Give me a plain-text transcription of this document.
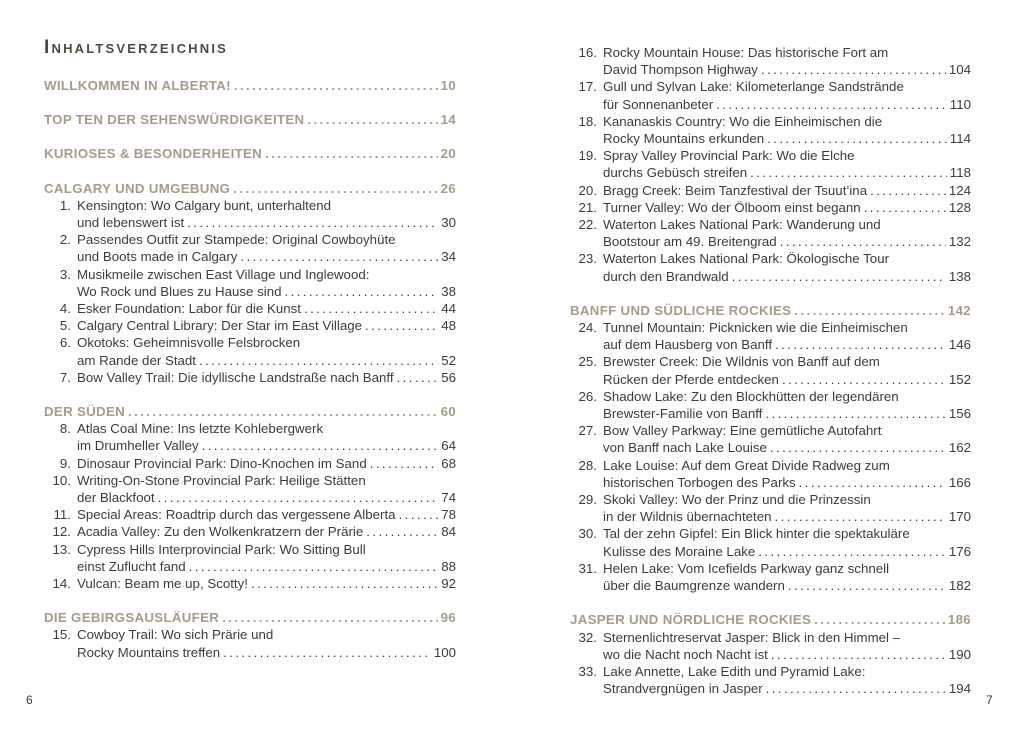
Inhaltsverzeichnis
WILLKOMMEN IN ALBERTA! .....	10
TOP TEN DER SEHENSWÜRDIGKEITEN .....	14
KURIOSES & BESONDERHEITEN .....	20
CALGARY UND UMGEBUNG .....	26
1. Kensington: Wo Calgary bunt, unterhaltend
und lebenswert ist .....	30
2. Passendes Outfit zur Stampede: Original Cowboyhüte
und Boots made in Calgary .....	34
3. Musikmeile zwischen East Village und Inglewood:
Wo Rock und Blues zu Hause sind .....	38
4. Esker Foundation: Labor für die Kunst .....	44
5. Calgary Central Library: Der Star im East Village .....	48
6. Okotoks: Geheimnisvolle Felsbrocken
am Rande der Stadt .....	52
7. Bow Valley Trail: Die idyllische Landstraße nach Banff .....	56
DER SÜDEN .....	60
8. Atlas Coal Mine: Ins letzte Kohlebergwerk
im Drumheller Valley .....	64
9. Dinosaur Provincial Park: Dino-Knochen im Sand .....	68
10. Writing-On-Stone Provincial Park: Heilige Stätten
der Blackfoot .....	74
11. Special Areas: Roadtrip durch das vergessene Alberta .....	78
12. Acadia Valley: Zu den Wolkenkratzern der Prärie .....	84
13. Cypress Hills Interprovincial Park: Wo Sitting Bull
einst Zuflucht fand .....	88
14. Vulcan: Beam me up, Scotty! .....	92
DIE GEBIRGSAUSLÄUFER .....	96
15. Cowboy Trail: Wo sich Prärie und
Rocky Mountains treffen .....	100
16. Rocky Mountain House: Das historische Fort am
David Thompson Highway .....	104
17. Gull und Sylvan Lake: Kilometerlange Sandstrände
für Sonnenanbeter .....	110
18. Kananaskis Country: Wo die Einheimischen die
Rocky Mountains erkunden .....	114
19. Spray Valley Provincial Park: Wo die Elche
durchs Gebüsch streifen .....	118
20. Bragg Creek: Beim Tanzfestival der Tsuut’ina .....	124
21. Turner Valley: Wo der Ölboom einst begann .....	128
22. Waterton Lakes National Park: Wanderung und
Bootstour am 49. Breitengrad .....	132
23. Waterton Lakes National Park: Ökologische Tour
durch den Brandwald .....	138
BANFF UND SÜDLICHE ROCKIES .....	142
24. Tunnel Mountain: Picknicken wie die Einheimischen
auf dem Hausberg von Banff .....	146
25. Brewster Creek: Die Wildnis von Banff auf dem
Rücken der Pferde entdecken .....	152
26. Shadow Lake: Zu den Blockhütten der legendären
Brewster-Familie von Banff .....	156
27. Bow Valley Parkway: Eine gemütliche Autofahrt
von Banff nach Lake Louise .....	162
28. Lake Louise: Auf dem Great Divide Radweg zum
historischen Torbogen des Parks .....	166
29. Skoki Valley: Wo der Prinz und die Prinzessin
in der Wildnis übernachteten .....	170
30. Tal der zehn Gipfel: Ein Blick hinter die spektakuläre
Kulisse des Moraine Lake .....	176
31. Helen Lake: Vom Icefields Parkway ganz schnell
über die Baumgrenze wandern .....	182
JASPER UND NÖRDLICHE ROCKIES .....	186
32. Sternenlichtreservat Jasper: Blick in den Himmel –
wo die Nacht noch Nacht ist .....	190
33. Lake Annette, Lake Edith und Pyramid Lake:
Strandvergnügen in Jasper .....	194
6	7
